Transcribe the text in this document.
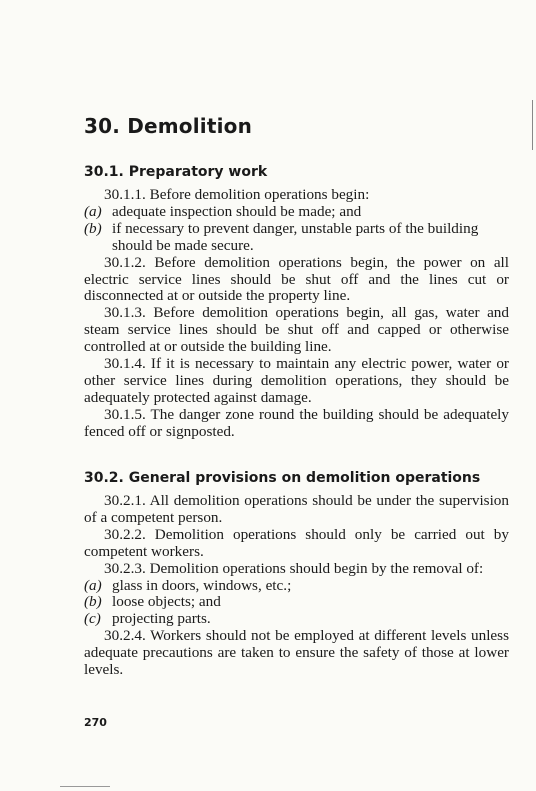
30. Demolition
30.1. Preparatory work

30.1.1. Before demolition operations begin:

(a) adequate inspection should be made; and

(b) if necessary to prevent danger, unstable parts of the building should be made secure.

30.1.2. Before demolition operations begin, the power on all electric service lines should be shut off and the lines cut or disconnected at or outside the property line.

30.1.3. Before demolition operations begin, all gas, water and steam service lines should be shut off and capped or otherwise controlled at or outside the building line.

30.1.4. If it is necessary to maintain any electric power, water or other service lines during demolition operations, they should be adequately protected against damage.

30.1.5. The danger zone round the building should be adequately fenced off or signposted.

30.2. General provisions on demolition operations

30.2.1. All demolition operations should be under the supervision of a competent person.

30.2.2. Demolition operations should only be carried out by competent workers.

30.2.3. Demolition operations should begin by the removal of:

(a) glass in doors, windows, etc.;

(b) loose objects; and

(c) projecting parts.

30.2.4. Workers should not be employed at different levels unless adequate precautions are taken to ensure the safety of those at lower levels.

270
